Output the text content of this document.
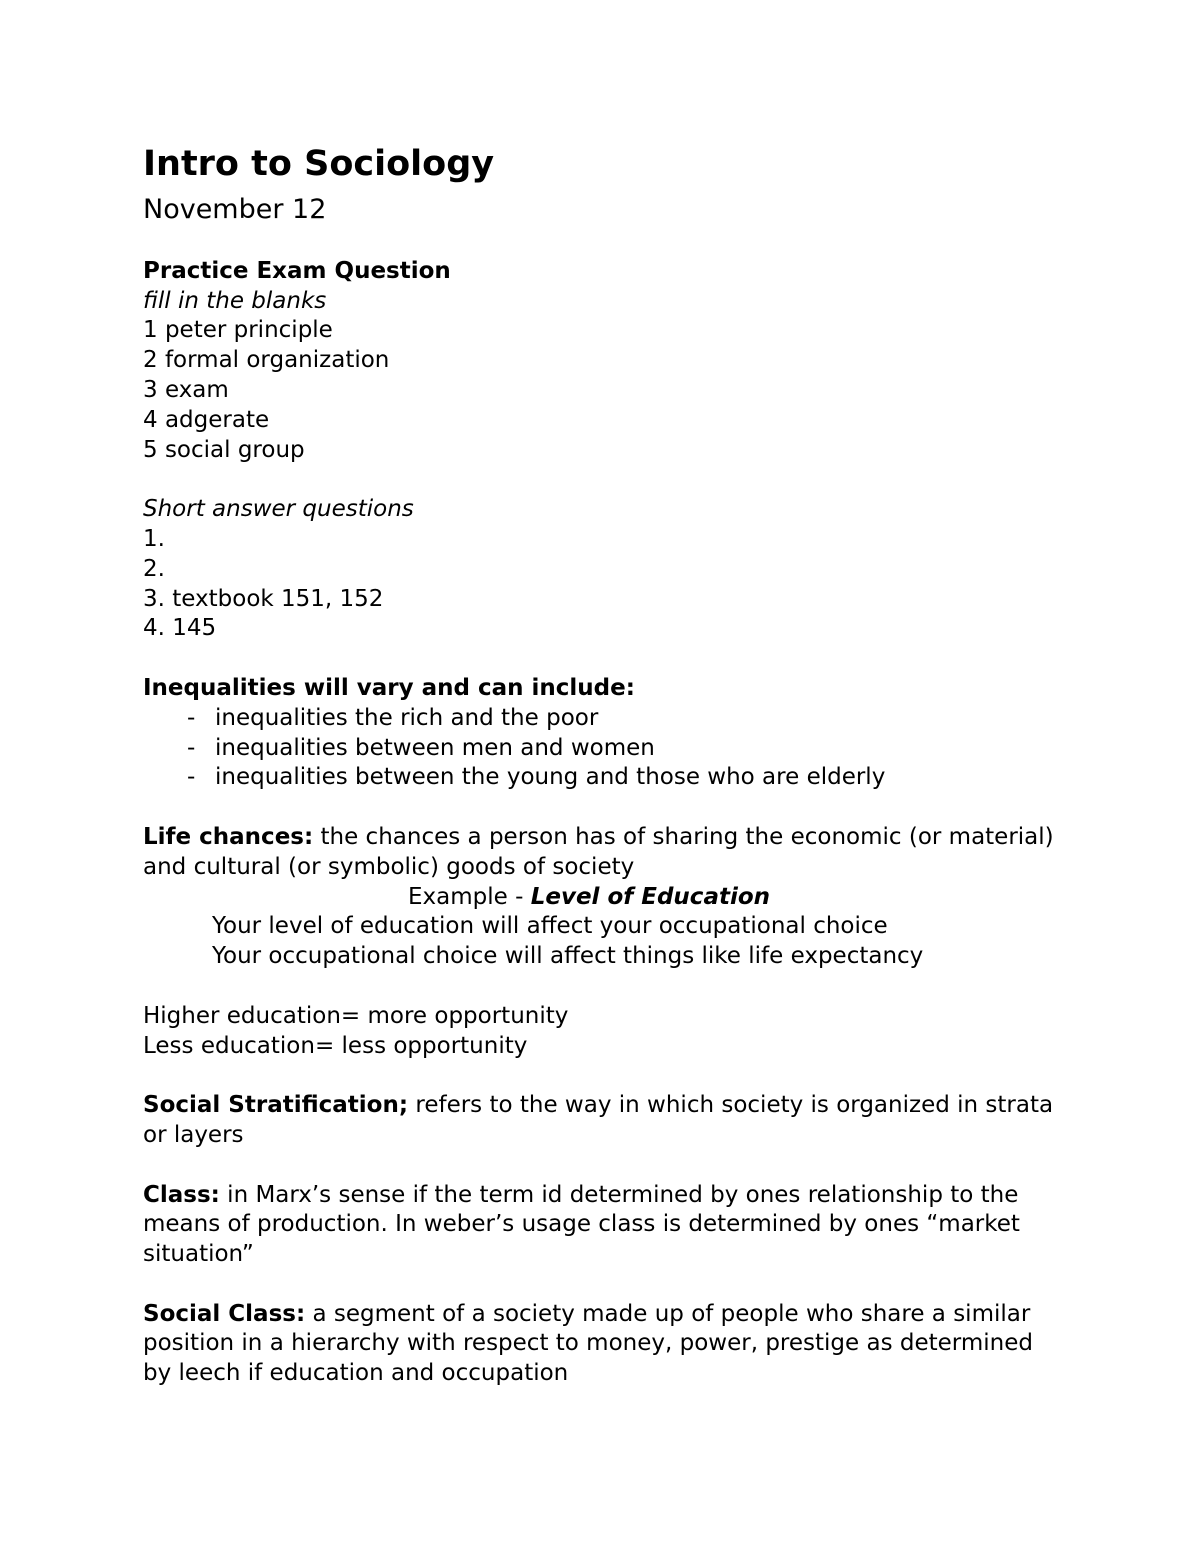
Intro to Sociology
November 12
Practice Exam Question
fill in the blanks
1 peter principle
2 formal organization
3 exam
4 adgerate
5 social group
Short answer questions
1.
2.
3. textbook 151, 152
4. 145
Inequalities will vary and can include:
- inequalities the rich and the poor
- inequalities between men and women
- inequalities between the young and those who are elderly
Life chances: the chances a person has of sharing the economic (or material) and cultural (or symbolic) goods of society
Example - Level of Education
Your level of education will affect your occupational choice
Your occupational choice will affect things like life expectancy
Higher education= more opportunity
Less education= less opportunity
Social Stratification; refers to the way in which society is organized in strata or layers
Class: in Marx’s sense if the term id determined by ones relationship to the means of production. In weber’s usage class is determined by ones “market situation”
Social Class: a segment of a society made up of people who share a similar position in a hierarchy with respect to money, power, prestige as determined by leech if education and occupation
